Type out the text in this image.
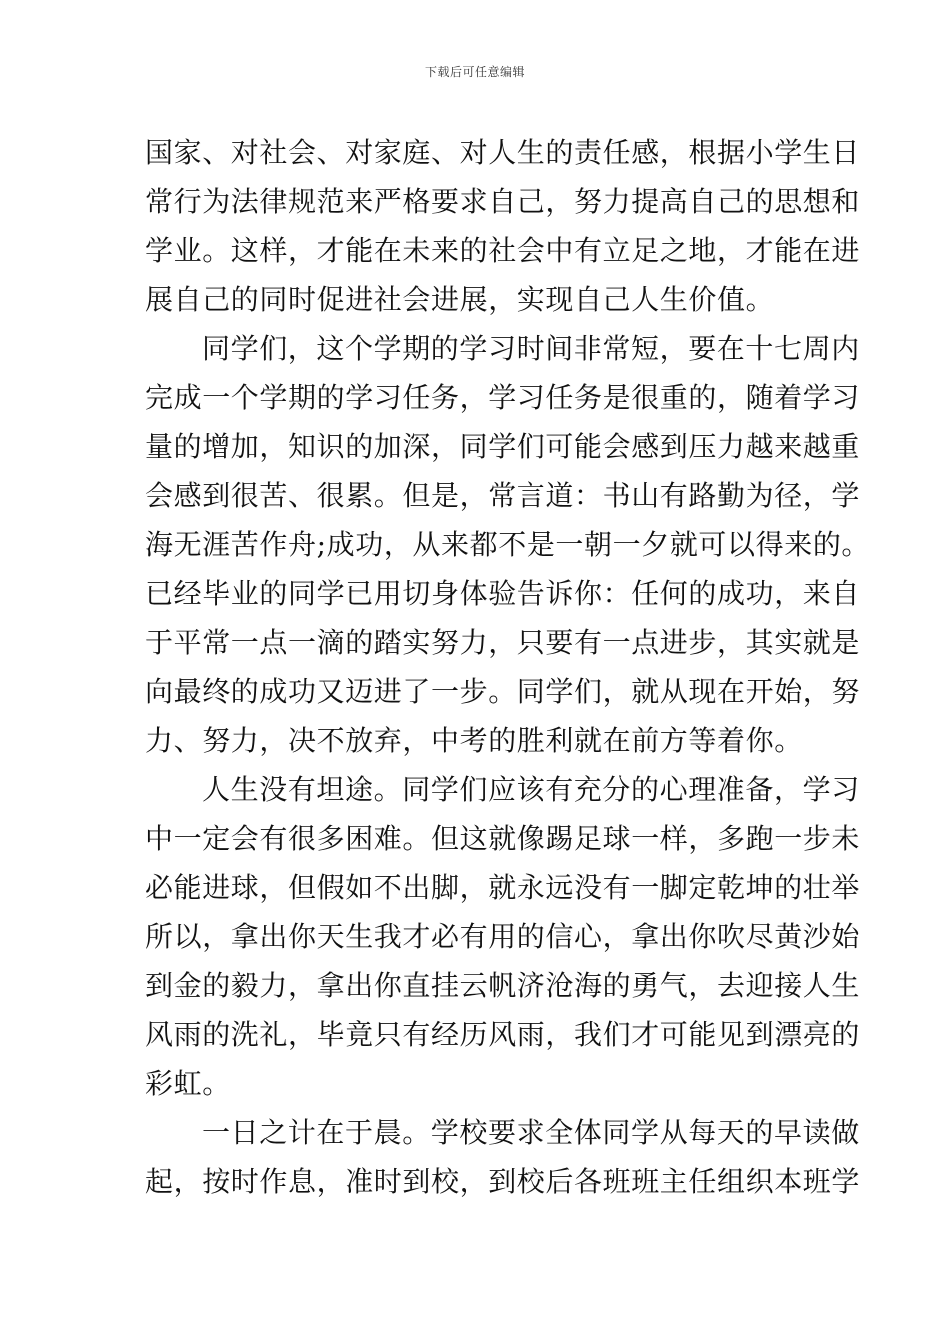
下载后可任意编辑
国家、对社会、对家庭、对人生的责任感，根据小学生日
常行为法律规范来严格要求自己，努力提高自己的思想和
学业。这样，才能在未来的社会中有立足之地，才能在进
展自己的同时促进社会进展，实现自己人生价值。
同学们，这个学期的学习时间非常短，要在十七周内
完成一个学期的学习任务，学习任务是很重的，随着学习
量的增加，知识的加深，同学们可能会感到压力越来越重
会感到很苦、很累。但是，常言道：书山有路勤为径，学
海无涯苦作舟;成功，从来都不是一朝一夕就可以得来的。
已经毕业的同学已用切身体验告诉你：任何的成功，来自
于平常一点一滴的踏实努力，只要有一点进步，其实就是
向最终的成功又迈进了一步。同学们，就从现在开始，努
力、努力，决不放弃，中考的胜利就在前方等着你。
人生没有坦途。同学们应该有充分的心理准备，学习
中一定会有很多困难。但这就像踢足球一样，多跑一步未
必能进球，但假如不出脚，就永远没有一脚定乾坤的壮举
所以，拿出你天生我才必有用的信心，拿出你吹尽黄沙始
到金的毅力，拿出你直挂云帆济沧海的勇气，去迎接人生
风雨的洗礼，毕竟只有经历风雨，我们才可能见到漂亮的
彩虹。
一日之计在于晨。学校要求全体同学从每天的早读做
起，按时作息，准时到校，到校后各班班主任组织本班学
